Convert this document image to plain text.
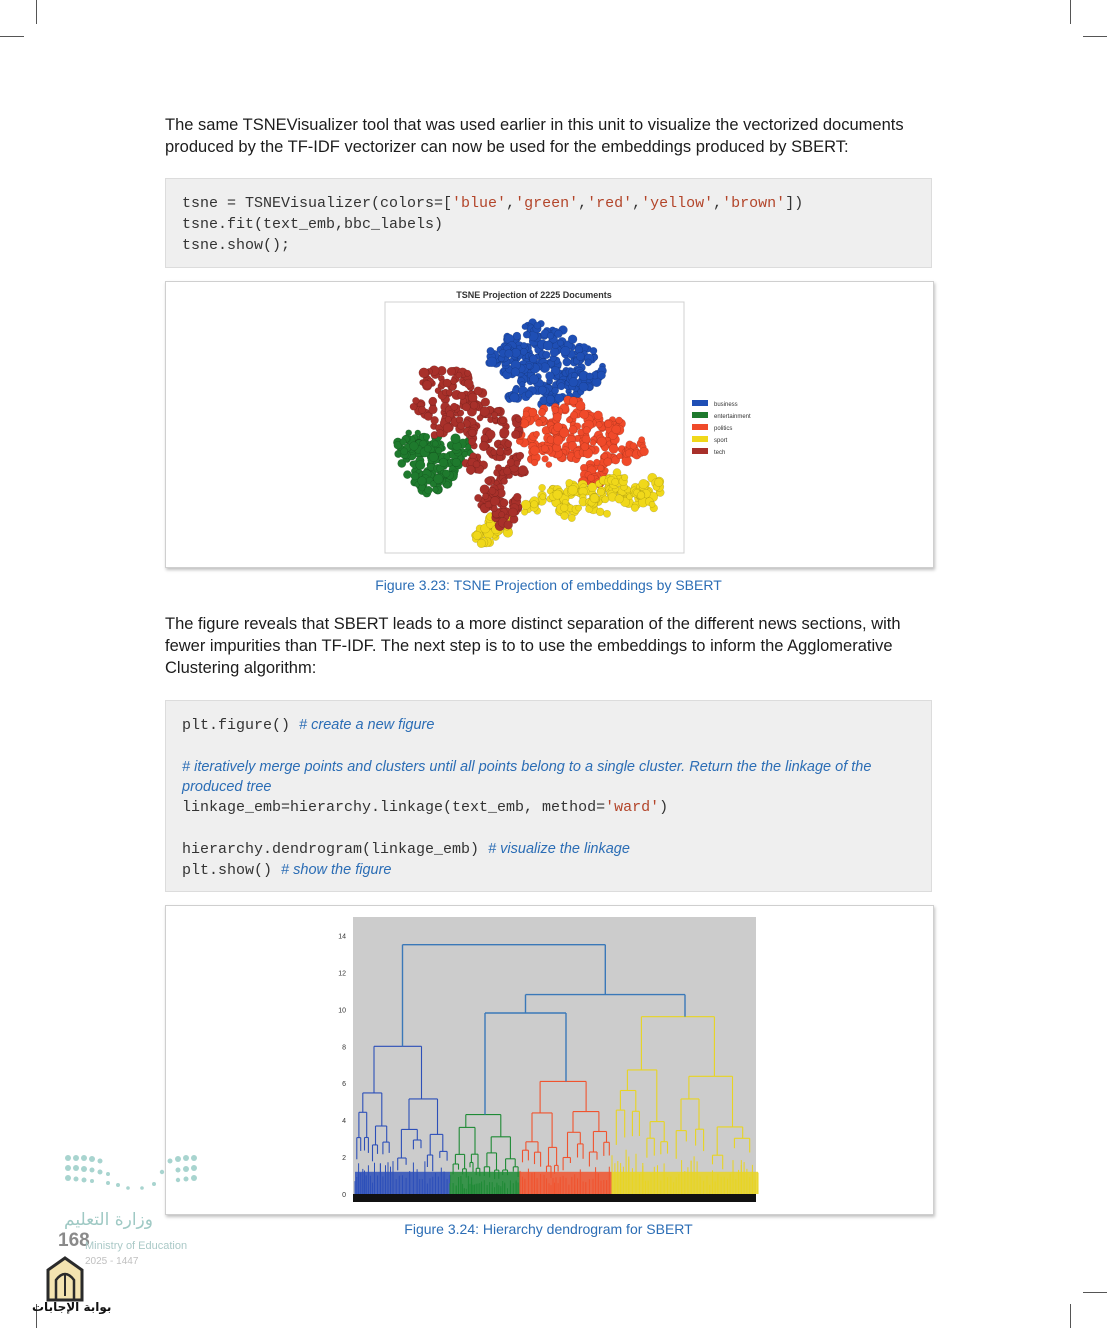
The same TSNEVisualizer tool that was used earlier in this unit to visualize the vectorized documents produced by the TF-IDF vectorizer can now be used for the embeddings produced by SBERT:
tsne = TSNEVisualizer(colors=['blue','green','red','yellow','brown'])
tsne.fit(text_emb,bbc_labels)
tsne.show();
TSNE Projection of 2225 Documents
business
entertainment
politics
sport
tech
Figure 3.23: TSNE Projection of embeddings by SBERT
The figure reveals that SBERT leads to a more distinct separation of the different news sections, with fewer impurities than TF-IDF. The next step is to to use the embeddings to inform the Agglomerative Clustering algorithm:
plt.figure() # create a new figure
# iteratively merge points and clusters until all points belong to a single cluster. Return the the linkage of the produced tree
linkage_emb=hierarchy.linkage(text_emb, method='ward')
hierarchy.dendrogram(linkage_emb) # visualize the linkage
plt.show() # show the figure
0
2
4
6
8
10
12
14
Figure 3.24: Hierarchy dendrogram for SBERT
وزارة التعليم
168
Ministry of Education
2025 - 1447
بوابة الإجابات
